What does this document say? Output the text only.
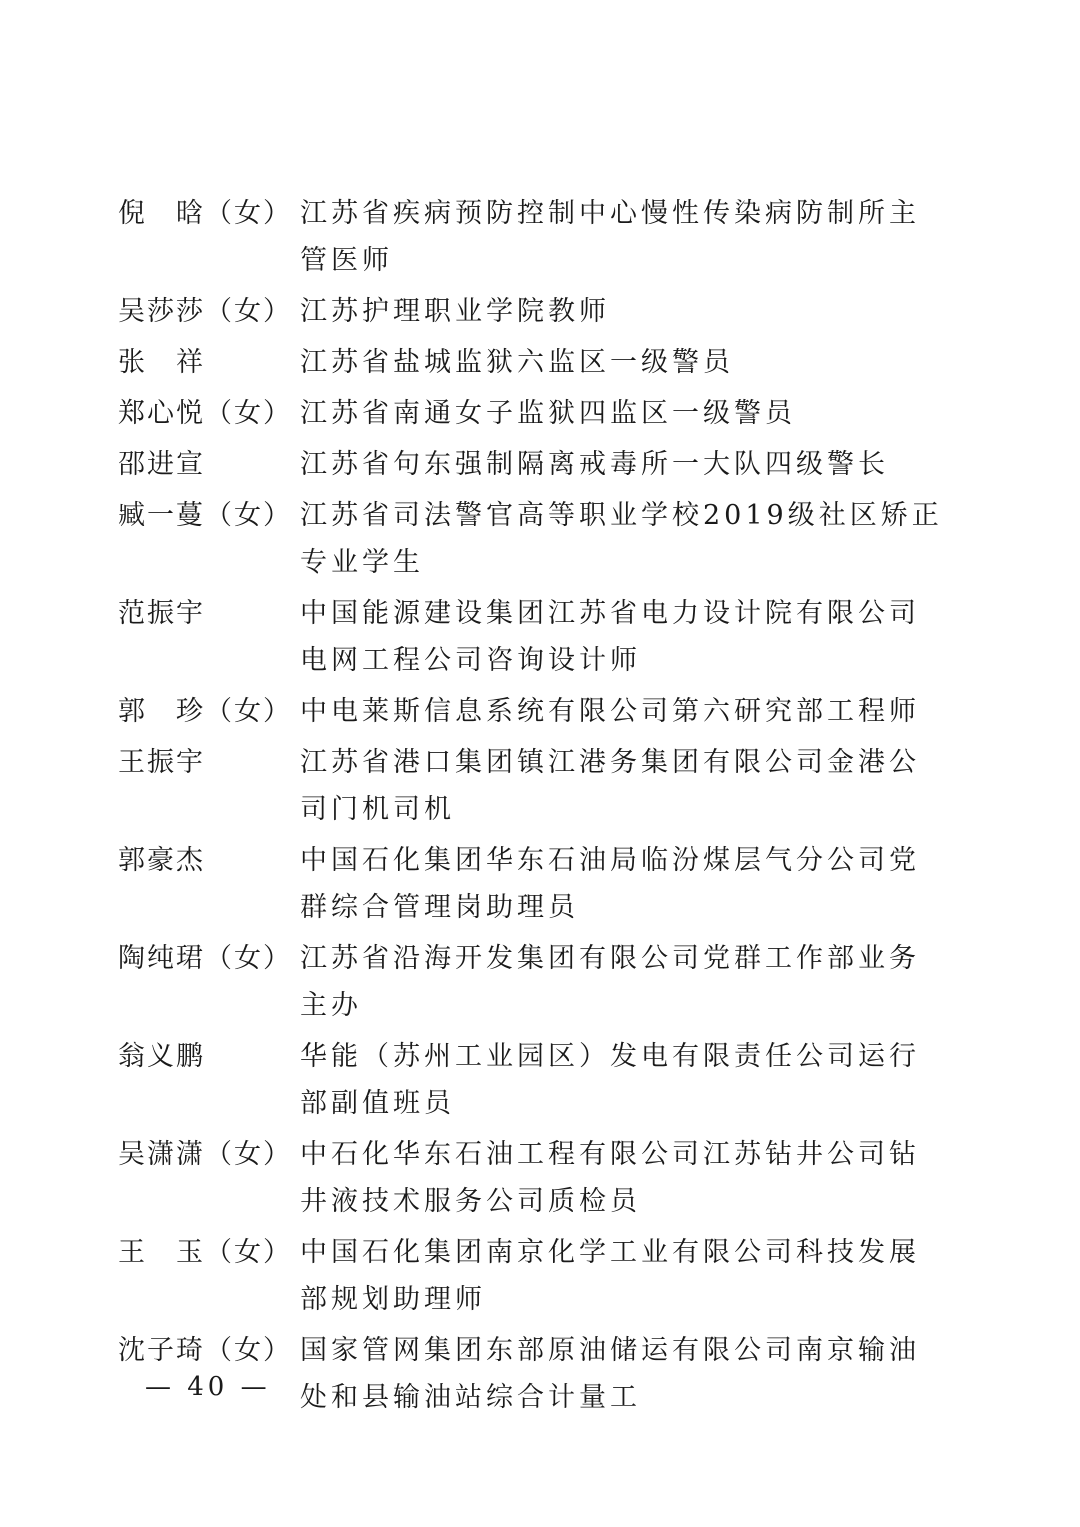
倪　晗（女） 江苏省疾病预防控制中心慢性传染病防制所主管医师
吴莎莎（女） 江苏护理职业学院教师
张　祥	江苏省盐城监狱六监区一级警员
郑心悦（女） 江苏省南通女子监狱四监区一级警员
邵进宣	江苏省句东强制隔离戒毒所一大队四级警长
臧一蔓（女） 江苏省司法警官高等职业学校2019级社区矫正专业学生
范振宇	中国能源建设集团江苏省电力设计院有限公司电网工程公司咨询设计师
郭　珍（女） 中电莱斯信息系统有限公司第六研究部工程师
王振宇	江苏省港口集团镇江港务集团有限公司金港公司门机司机
郭豪杰	中国石化集团华东石油局临汾煤层气分公司党群综合管理岗助理员
陶纯珺（女） 江苏省沿海开发集团有限公司党群工作部业务主办
翁义鹏	华能（苏州工业园区）发电有限责任公司运行部副值班员
吴潇潇（女） 中石化华东石油工程有限公司江苏钻井公司钻井液技术服务公司质检员
王　玉（女） 中国石化集团南京化学工业有限公司科技发展部规划助理师
沈子琦（女） 国家管网集团东部原油储运有限公司南京输油处和县输油站综合计量工
— 40 —
